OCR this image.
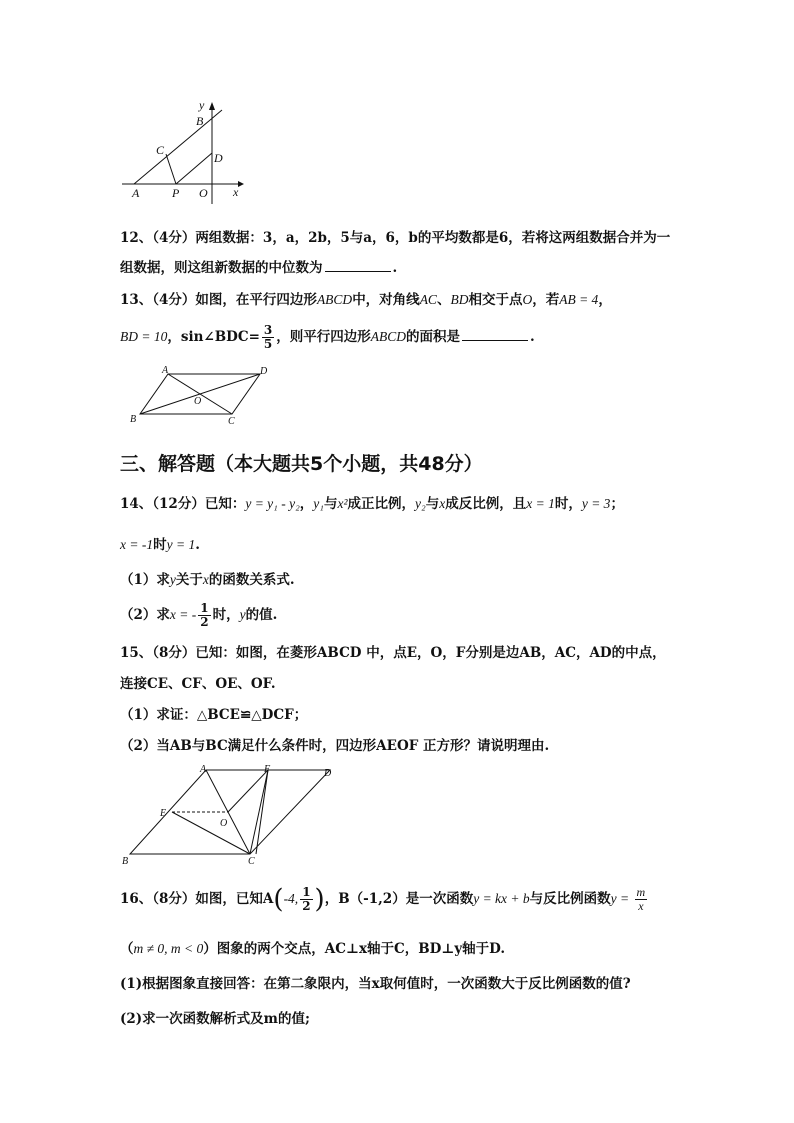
y
x
B
C
D
A	P O
12、（4分）两组数据：3，a，2b，5与a，6，b的平均数都是6，若将这两组数据合并为一
组数据，则这组新数据的中位数为	.
13、（4分）如图，在平行四边形ABCD中，对角线AC、BD相交于点O，若AB = 4，
BD = 10，sin∠BDC= $\frac{3}{5}$ ，则平行四边形ABCD的面积是	.
A	D
O
B	C
三、解答题（本大题共5个小题，共48分）
14、（12分）已知：y = y₁ - y₂，y₁与x²成正比例，y₂与x成反比例，且x = 1时，y = 3；
x = -1时y = 1.
（1）求y关于x的函数关系式.
（2）求x = - $\frac{1}{2}$ 时，y的值.
15、（8分）已知：如图，在菱形ABCD 中，点E，O，F分别是边AB，AC，AD的中点，
连接CE、CF、OE、OF.
（1）求证：△BCE≌△DCF；
（2）当AB与BC满足什么条件时，四边形AEOF 正方形？请说明理由.
A	F	D
E
O
B	C
16、（8分）如图，已知A(-4, $\frac{1}{2}$ )，B（-1,2）是一次函数y = kx + b与反比例函数$y = \frac{m}{x}$
（m ≠ 0, m < 0）图象的两个交点，AC⊥x轴于C，BD⊥y轴于D.
(1)根据图象直接回答：在第二象限内，当x取何值时，一次函数大于反比例函数的值?
(2)求一次函数解析式及m的值;
